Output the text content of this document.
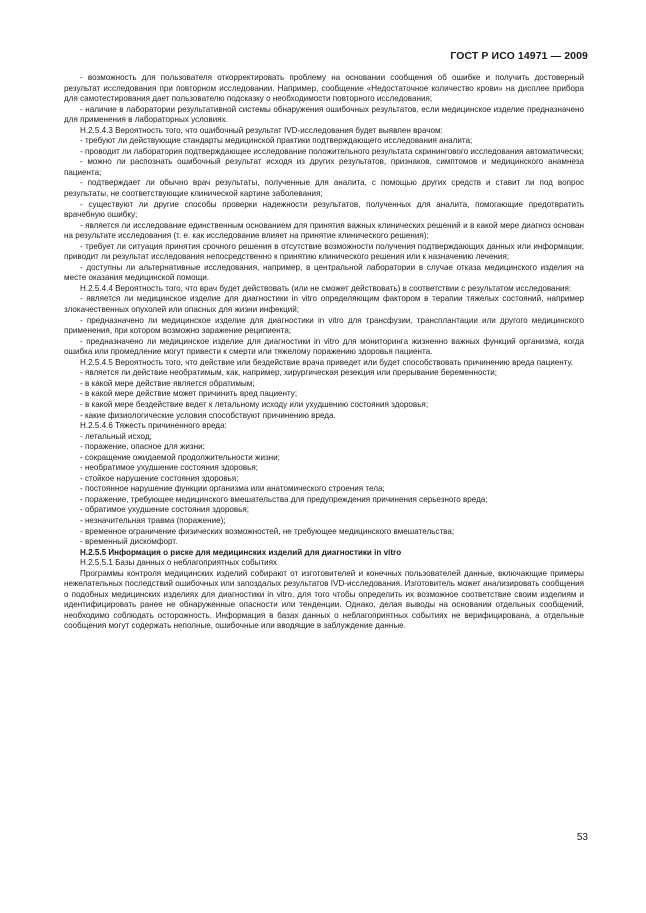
ГОСТ Р ИСО 14971 — 2009

- возможность для пользователя откорректировать проблему на основании сообщения об ошибке и получить достоверный результат исследования при повторном исследовании. Например, сообщение «Недостаточное количество крови» на дисплее прибора для самотестирования дает пользователю подсказку о необходимости повторного исследования;

- наличие в лаборатории результативной системы обнаружения ошибочных результатов, если медицинское изделие предназначено для применения в лабораторных условиях.

Н.2.5.4.3 Вероятность того, что ошибочный результат IVD-исследования будет выявлен врачом:

- требуют ли действующие стандарты медицинской практики подтверждающего исследования аналита;

- проводит ли лаборатория подтверждающее исследование положительного результата скринингового исследования автоматически;

- можно ли распознать ошибочный результат исходя из других результатов, признаков, симптомов и медицинского анамнеза пациента;

- подтверждает ли обычно врач результаты, полученные для аналита, с помощью других средств и ставит ли под вопрос результаты, не соответствующие клинической картине заболевания;

- существуют ли другие способы проверки надежности результатов, полученных для аналита, помогающие предотвратить врачебную ошибку;

- является ли исследование единственным основанием для принятия важных клинических решений и в какой мере диагноз основан на результате исследования (т. е. как исследование влияет на принятие клинического решения);

- требует ли ситуация принятия срочного решения в отсутствие возможности получения подтверждающих данных или информации; приводит ли результат исследования непосредственно к принятию клинического решения или к назначению лечения;

- доступны ли альтернативные исследования, например, в центральной лаборатории в случае отказа медицинского изделия на месте оказания медицинской помощи.

Н.2.5.4.4 Вероятность того, что врач будет действовать (или не сможет действовать) в соответствии с результатом исследования:

- является ли медицинское изделие для диагностики in vitro определяющим фактором в терапии тяжелых состояний, например злокачественных опухолей или опасных для жизни инфекций;

- предназначено ли медицинское изделие для диагностики in vitro для трансфузии, трансплантации или другого медицинского применения, при котором возможно заражение реципиента;

- предназначено ли медицинское изделие для диагностики in vitro для мониторинга жизненно важных функций организма, когда ошибка или промедление могут привести к смерти или тяжелому поражению здоровья пациента.

Н.2.5.4.5 Вероятность того, что действие или бездействие врача приведет или будет способствовать причинению вреда пациенту.

- является ли действие необратимым, как, например, хирургическая резекция или прерывание беременности;

- в какой мере действие является обратимым;

- в какой мере действие может причинить вред пациенту;

- в какой мере бездействие ведет к летальному исходу или ухудшению состояния здоровья;

- какие физиологические условия способствуют причинению вреда.

Н.2.5.4.6 Тяжесть причиненного вреда:

- летальный исход;

- поражение, опасное для жизни;

- сокращение ожидаемой продолжительности жизни;

- необратимое ухудшение состояния здоровья;

- стойкое нарушение состояния здоровья;

- постоянное нарушение функции организма или анатомического строения тела;

- поражение, требующее медицинского вмешательства для предупреждения причинения серьезного вреда;

- обратимое ухудшение состояния здоровья;

- незначительная травма (поражение);

- временное ограничение физических возможностей, не требующее медицинского вмешательства;

- временный дискомфорт.

Н.2.5.5 Информация о риске для медицинских изделий для диагностики in vitro

Н.2.5.5.1 Базы данных о неблагоприятных событиях

Программы контроля медицинских изделий собирают от изготовителей и конечных пользователей данные, включающие примеры нежелательных последствий ошибочных или запоздалых результатов IVD-исследования. Изготовитель может анализировать сообщения о подобных медицинских изделиях для диагностики in vitro, для того чтобы определить их возможное соответствие своим изделиям и идентифицировать ранее не обнаруженные опасности или тенденции. Однако, делая выводы на основании отдельных сообщений, необходимо соблюдать осторожность. Информация в базах данных о неблагоприятных событиях не верифицирована, а отдельные сообщения могут содержать неполные, ошибочные или вводящие в заблуждение данные.

53
